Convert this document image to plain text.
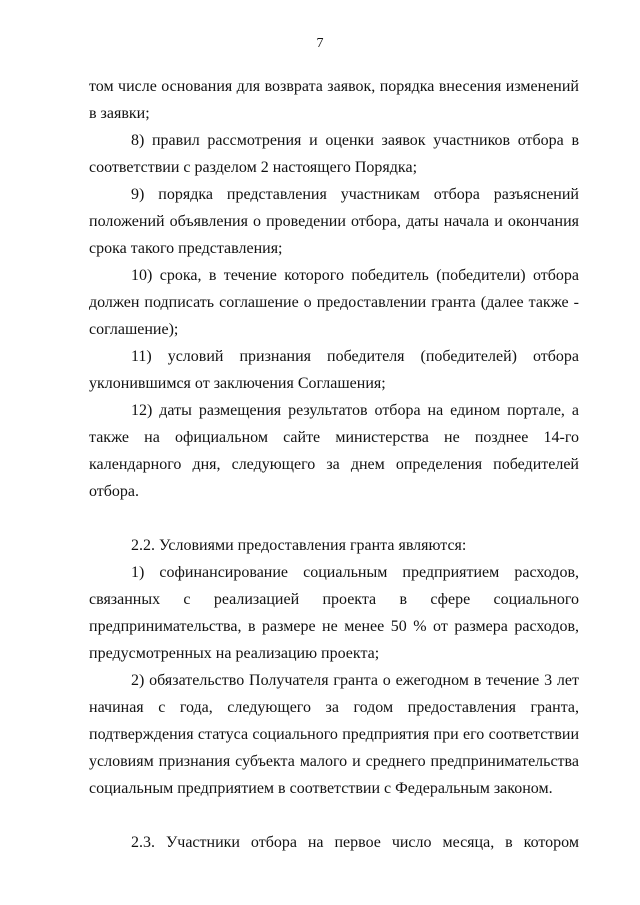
7

том числе основания для возврата заявок, порядка внесения изменений в заявки;

8) правил рассмотрения и оценки заявок участников отбора в соответствии с разделом 2 настоящего Порядка;

9) порядка представления участникам отбора разъяснений положений объявления о проведении отбора, даты начала и окончания срока такого представления;

10) срока, в течение которого победитель (победители) отбора должен подписать соглашение о предоставлении гранта (далее также - соглашение);

11) условий признания победителя (победителей) отбора уклонившимся от заключения Соглашения;

12) даты размещения результатов отбора на едином портале, а также на официальном сайте министерства не позднее 14-го календарного дня, следующего за днем определения победителей отбора.

2.2. Условиями предоставления гранта являются:

1) софинансирование социальным предприятием расходов, связанных с реализацией проекта в сфере социального предпринимательства, в размере не менее 50 % от размера расходов, предусмотренных на реализацию проекта;

2) обязательство Получателя гранта о ежегодном в течение 3 лет начиная с года, следующего за годом предоставления гранта, подтверждения статуса социального предприятия при его соответствии условиям признания субъекта малого и среднего предпринимательства социальным предприятием в соответствии с Федеральным законом.

2.3. Участники отбора на первое число месяца, в котором
